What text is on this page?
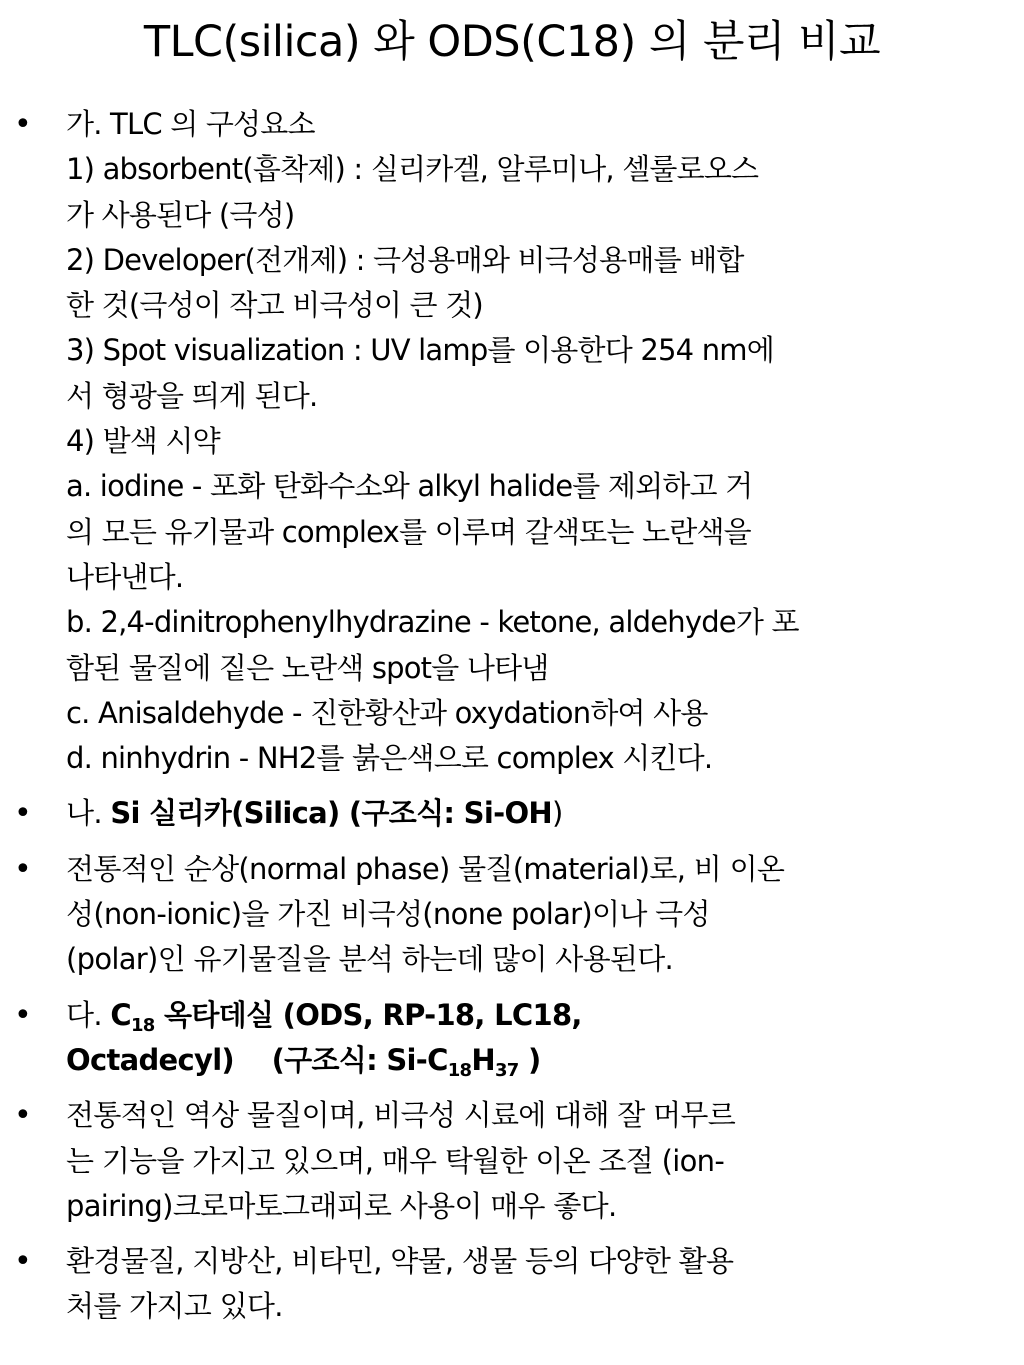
TLC(silica) 와 ODS(C18) 의 분리 비교
• 가. TLC 의 구성요소
1) absorbent(흡착제) : 실리카겔, 알루미나, 셀룰로오스
가 사용된다 (극성)
2) Developer(전개제) : 극성용매와 비극성용매를 배합
한 것(극성이 작고 비극성이 큰 것)
3) Spot visualization : UV lamp를 이용한다 254 nm에
서 형광을 띄게 된다.
4) 발색 시약
a. iodine - 포화 탄화수소와 alkyl halide를 제외하고 거
의 모든 유기물과 complex를 이루며 갈색또는 노란색을
나타낸다.
b. 2,4-dinitrophenylhydrazine - ketone, aldehyde가 포
함된 물질에 짙은 노란색 spot을 나타냄
c. Anisaldehyde - 진한황산과 oxydation하여 사용
d. ninhydrin - NH2를 붉은색으로 complex 시킨다.
• 나. Si 실리카(Silica) (구조식: Si-OH)
• 전통적인 순상(normal phase) 물질(material)로, 비 이온
성(non-ionic)을 가진 비극성(none polar)이나 극성
(polar)인 유기물질을 분석 하는데 많이 사용된다.
• 다. $C_{18}$ 옥타데실 (ODS, RP-18, LC18,
Octadecyl)    (구조식: $Si-C_{18}H_{37}$ )
• 전통적인 역상 물질이며, 비극성 시료에 대해 잘 머무르
는 기능을 가지고 있으며, 매우 탁월한 이온 조절 (ion-
pairing)크로마토그래피로 사용이 매우 좋다.
• 환경물질, 지방산, 비타민, 약물, 생물 등의 다양한 활용
처를 가지고 있다.
